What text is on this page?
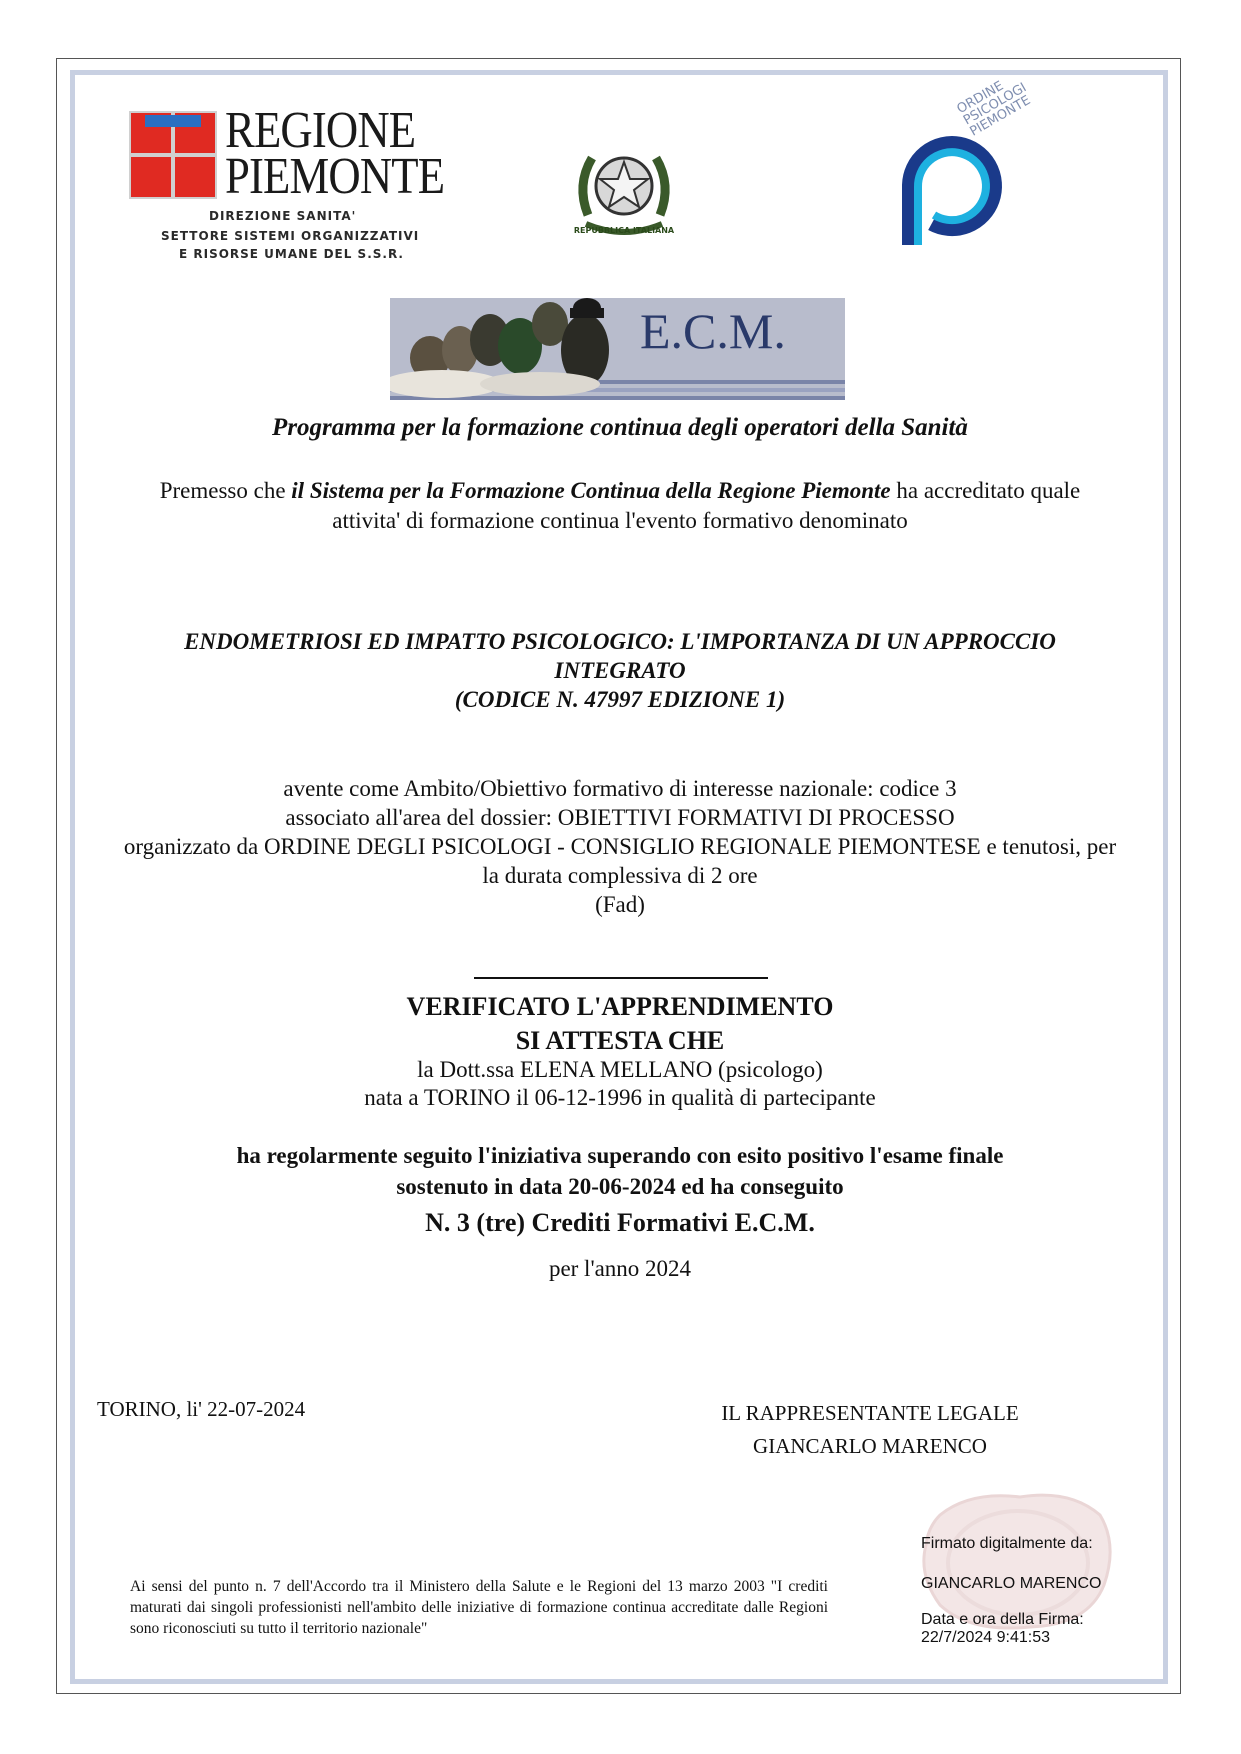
REGIONE
PIEMONTE
DIREZIONE SANITA'
SETTORE SISTEMI ORGANIZZATIVI
E RISORSE UMANE DEL S.S.R.
REPUBBLICA ITALIANA
ORDINE PSICOLOGI PIEMONTE
E.C.M.
Programma per la formazione continua degli operatori della Sanità
Premesso che il Sistema per la Formazione Continua della Regione Piemonte ha accreditato quale attivita' di formazione continua l'evento formativo denominato
ENDOMETRIOSI ED IMPATTO PSICOLOGICO: L'IMPORTANZA DI UN APPROCCIO INTEGRATO
(CODICE N. 47997 EDIZIONE 1)
avente come Ambito/Obiettivo formativo di interesse nazionale: codice 3
associato all'area del dossier: OBIETTIVI FORMATIVI DI PROCESSO
organizzato da ORDINE DEGLI PSICOLOGI - CONSIGLIO REGIONALE PIEMONTESE e tenutosi, per la durata complessiva di 2 ore
(Fad)
VERIFICATO L'APPRENDIMENTO
SI ATTESTA CHE
la Dott.ssa ELENA MELLANO (psicologo)
nata a TORINO il 06-12-1996 in qualità di partecipante
ha regolarmente seguito l'iniziativa superando con esito positivo l'esame finale
sostenuto in data 20-06-2024 ed ha conseguito
N. 3 (tre) Crediti Formativi E.C.M.
per l'anno 2024
TORINO, li' 22-07-2024	IL RAPPRESENTANTE LEGALE
GIANCARLO MARENCO
Firmato digitalmente da:
GIANCARLO MARENCO
Data e ora della Firma:
22/7/2024 9:41:53
Ai sensi del punto n. 7 dell'Accordo tra il Ministero della Salute e le Regioni del 13 marzo 2003 "I crediti maturati dai singoli professionisti nell'ambito delle iniziative di formazione continua accreditate dalle Regioni sono riconosciuti su tutto il territorio nazionale"
